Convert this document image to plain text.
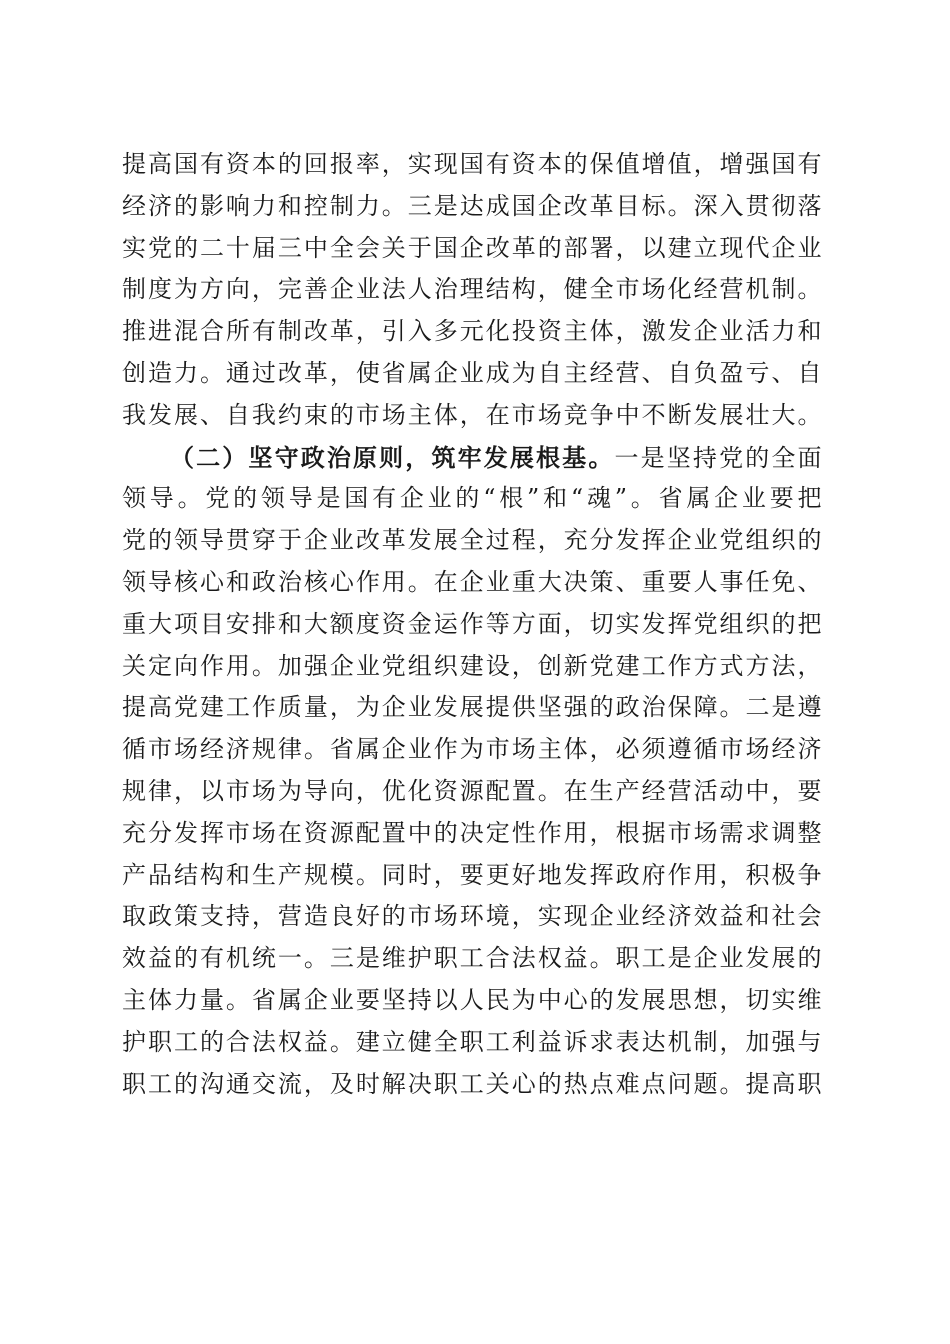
提高国有资本的回报率，实现国有资本的保值增值，增强国有
经济的影响力和控制力。三是达成国企改革目标。深入贯彻落
实党的二十届三中全会关于国企改革的部署，以建立现代企业
制度为方向，完善企业法人治理结构，健全市场化经营机制。
推进混合所有制改革，引入多元化投资主体，激发企业活力和
创造力。通过改革，使省属企业成为自主经营、自负盈亏、自
我发展、自我约束的市场主体，在市场竞争中不断发展壮大。
（二）坚守政治原则，筑牢发展根基。一是坚持党的全面
领导。党的领导是国有企业的“根”和“魂”。省属企业要把
党的领导贯穿于企业改革发展全过程，充分发挥企业党组织的
领导核心和政治核心作用。在企业重大决策、重要人事任免、
重大项目安排和大额度资金运作等方面，切实发挥党组织的把
关定向作用。加强企业党组织建设，创新党建工作方式方法，
提高党建工作质量，为企业发展提供坚强的政治保障。二是遵
循市场经济规律。省属企业作为市场主体，必须遵循市场经济
规律，以市场为导向，优化资源配置。在生产经营活动中，要
充分发挥市场在资源配置中的决定性作用，根据市场需求调整
产品结构和生产规模。同时，要更好地发挥政府作用，积极争
取政策支持，营造良好的市场环境，实现企业经济效益和社会
效益的有机统一。三是维护职工合法权益。职工是企业发展的
主体力量。省属企业要坚持以人民为中心的发展思想，切实维
护职工的合法权益。建立健全职工利益诉求表达机制，加强与
职工的沟通交流，及时解决职工关心的热点难点问题。提高职
